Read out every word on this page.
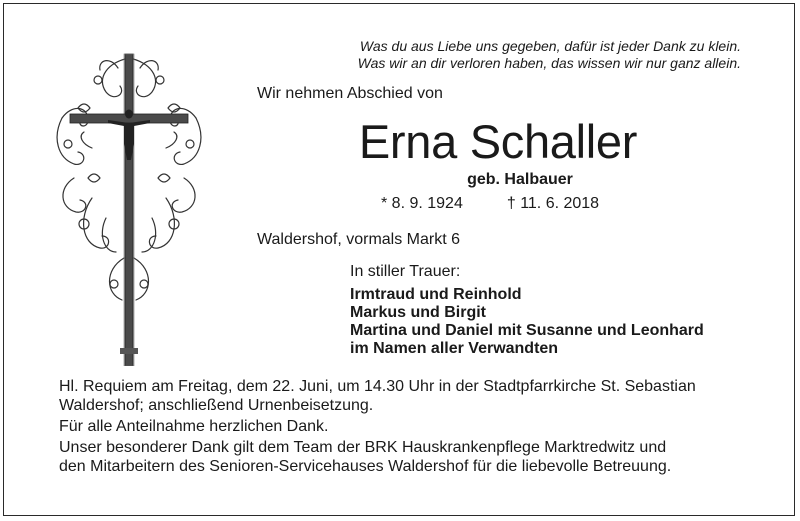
Was du aus Liebe uns gegeben, dafür ist jeder Dank zu klein.
Was wir an dir verloren haben, das wissen wir nur ganz allein.
Wir nehmen Abschied von
Erna Schaller
geb. Halbauer
* 8. 9. 1924	† 11. 6. 2018
Waldershof, vormals Markt 6
In stiller Trauer:
Irmtraud und Reinhold
Markus und Birgit
Martina und Daniel mit Susanne und Leonhard
im Namen aller Verwandten

Hl. Requiem am Freitag, dem 22. Juni, um 14.30 Uhr in der Stadtpfarrkirche St. Sebastian
Waldershof; anschließend Urnenbeisetzung.

Für alle Anteilnahme herzlichen Dank.

Unser besonderer Dank gilt dem Team der BRK Hauskrankenpflege Marktredwitz und
den Mitarbeitern des Senioren-Servicehauses Waldershof für die liebevolle Betreuung.
